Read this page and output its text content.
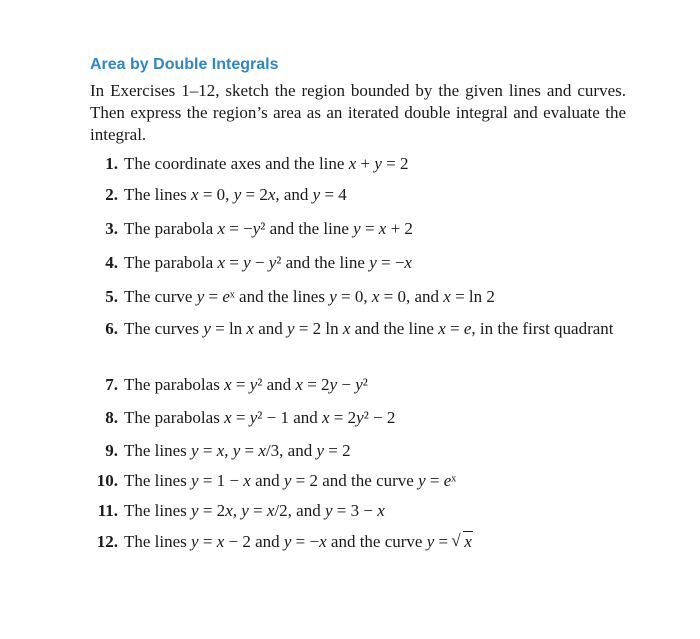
Area by Double Integrals
In Exercises 1–12, sketch the region bounded by the given lines and curves. Then express the region’s area as an iterated double integral and evaluate the integral.
1. The coordinate axes and the line x + y = 2
2. The lines x = 0, y = 2x, and y = 4
3. The parabola x = −y² and the line y = x + 2
4. The parabola x = y − y² and the line y = −x
5. The curve y = eˣ and the lines y = 0, x = 0, and x = ln 2
6. The curves y = ln x and y = 2 ln x and the line x = e, in the first quadrant
7. The parabolas x = y² and x = 2y − y²
8. The parabolas x = y² − 1 and x = 2y² − 2
9. The lines y = x, y = x/3, and y = 2
10. The lines y = 1 − x and y = 2 and the curve y = eˣ
11. The lines y = 2x, y = x/2, and y = 3 − x
12. The lines y = x − 2 and y = −x and the curve y = √ x
